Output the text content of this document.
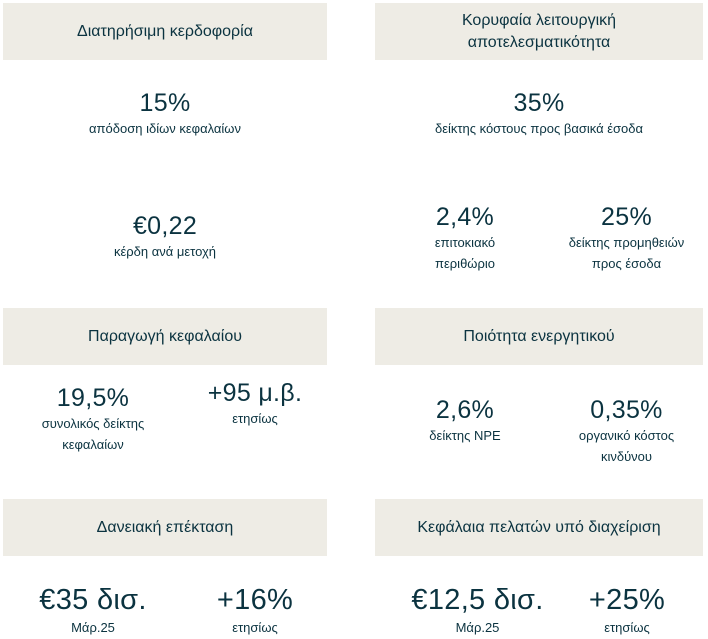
Διατηρήσιμη κερδοφορία
15%
απόδοση ιδίων κεφαλαίων
€0,22
κέρδη ανά μετοχή
Κορυφαία λειτουργική
αποτελεσματικότητα
35%
δείκτης κόστους προς βασικά έσοδα
2,4%
επιτοκιακό
περιθώριο
25%
δείκτης προμηθειών
προς έσοδα
Παραγωγή κεφαλαίου
19,5%
συνολικός δείκτης
κεφαλαίων
+95 μ.β.
ετησίως
Ποιότητα ενεργητικού
2,6%
δείκτης NPE
0,35%
οργανικό κόστος
κινδύνου
Δανειακή επέκταση
€35 δισ.
Μάρ.25
+16%
ετησίως
Κεφάλαια πελατών υπό διαχείριση
€12,5 δισ.
Μάρ.25
+25%
ετησίως
